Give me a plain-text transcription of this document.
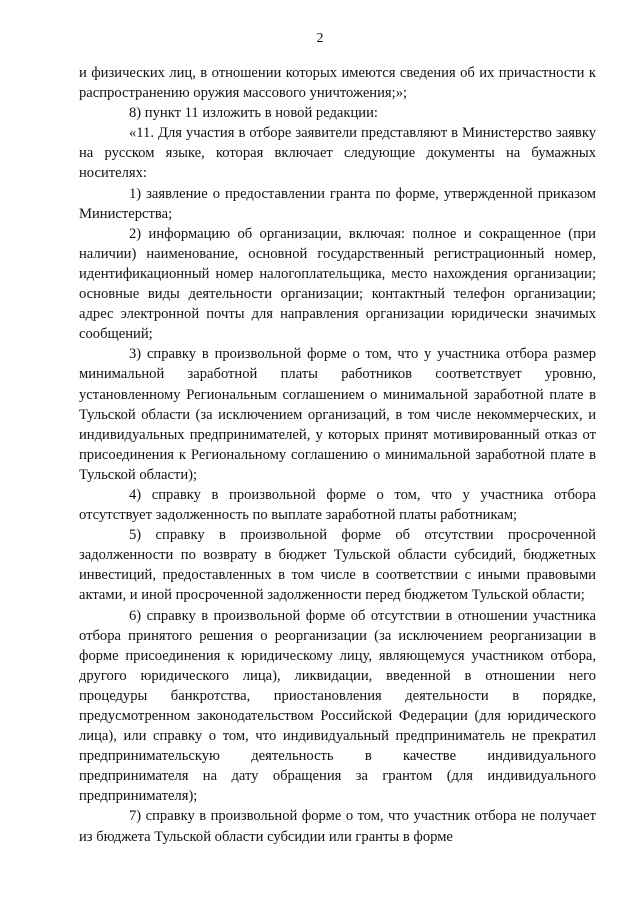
2

и физических лиц, в отношении которых имеются сведения об их причастности к распространению оружия массового уничтожения;»;

8) пункт 11 изложить в новой редакции:

«11. Для участия в отборе заявители представляют в Министерство заявку на русском языке, которая включает следующие документы на бумажных носителях:

1) заявление о предоставлении гранта по форме, утвержденной приказом Министерства;

2) информацию об организации, включая: полное и сокращенное (при наличии) наименование, основной государственный регистрационный номер, идентификационный номер налогоплательщика, место нахождения организации; основные виды деятельности организации; контактный телефон организации; адрес электронной почты для направления организации юридически значимых сообщений;

3) справку в произвольной форме о том, что у участника отбора размер минимальной заработной платы работников соответствует уровню, установленному Региональным соглашением о минимальной заработной плате в Тульской области (за исключением организаций, в том числе некоммерческих, и индивидуальных предпринимателей, у которых принят мотивированный отказ от присоединения к Региональному соглашению о минимальной заработной плате в Тульской области);

4) справку в произвольной форме о том, что у участника отбора отсутствует задолженность по выплате заработной платы работникам;

5) справку в произвольной форме об отсутствии просроченной задолженности по возврату в бюджет Тульской области субсидий, бюджетных инвестиций, предоставленных в том числе в соответствии с иными правовыми актами, и иной просроченной задолженности перед бюджетом Тульской области;

6) справку в произвольной форме об отсутствии в отношении участника отбора принятого решения о реорганизации (за исключением реорганизации в форме присоединения к юридическому лицу, являющемуся участником отбора, другого юридического лица), ликвидации, введенной в отношении него процедуры банкротства, приостановления деятельности в порядке, предусмотренном законодательством Российской Федерации (для юридического лица), или справку о том, что индивидуальный предприниматель не прекратил предпринимательскую деятельность в качестве индивидуального предпринимателя на дату обращения за грантом (для индивидуального предпринимателя);

7) справку в произвольной форме о том, что участник отбора не получает из бюджета Тульской области субсидии или гранты в форме
